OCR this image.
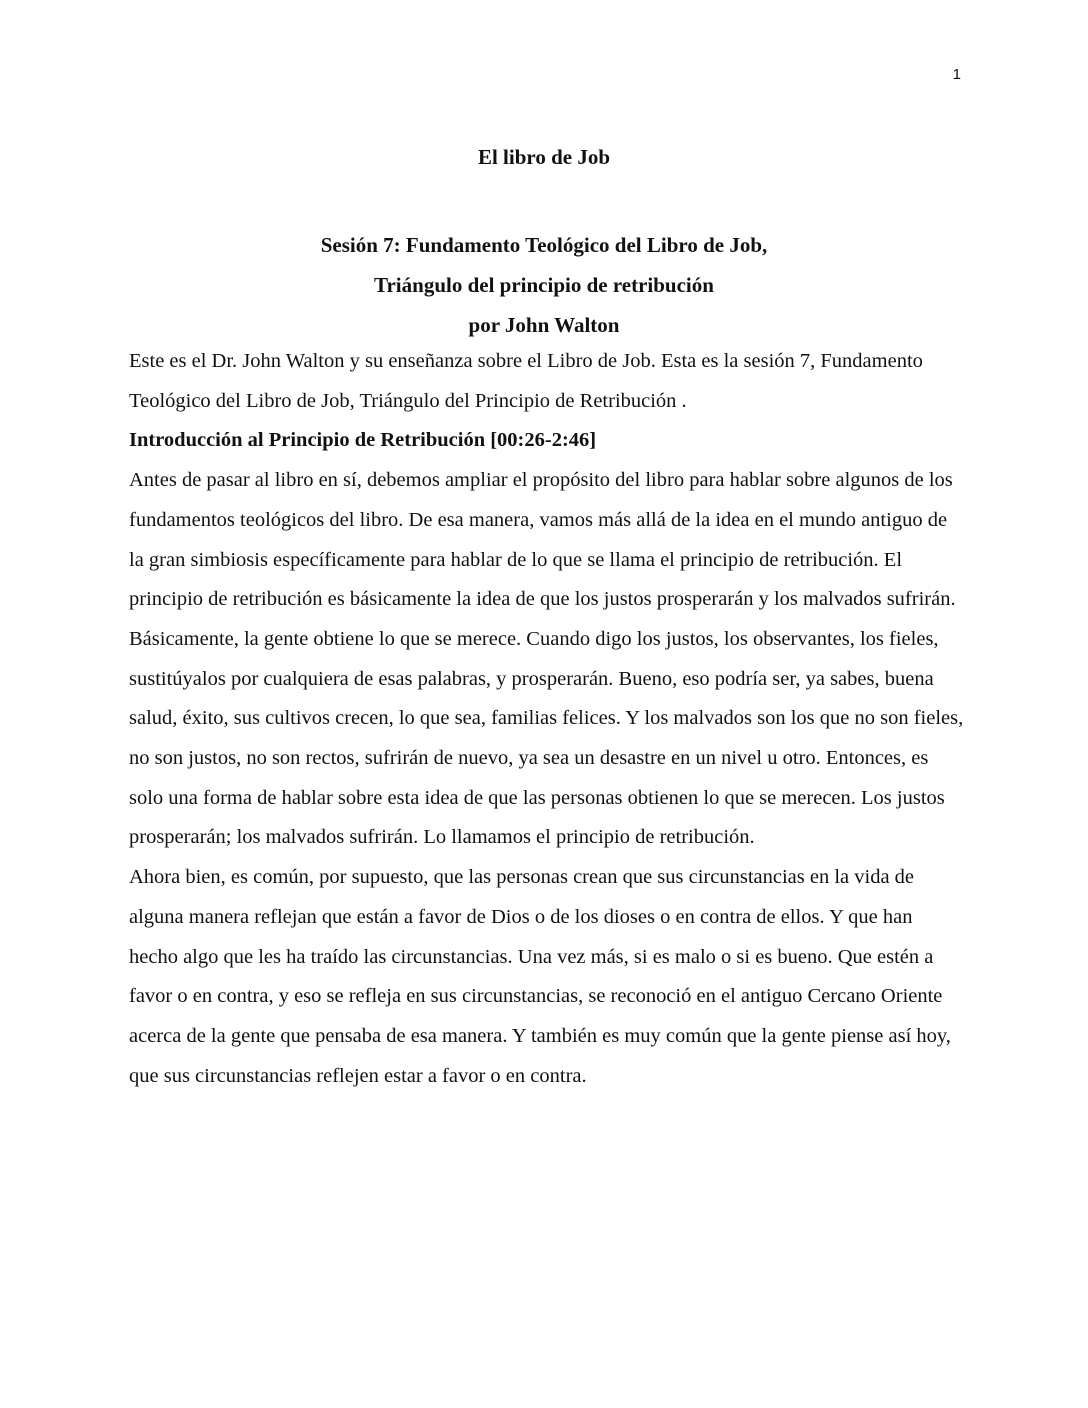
1
El libro de Job
Sesión 7: Fundamento Teológico del Libro de Job,
Triángulo del principio de retribución
por John Walton

Este es el Dr. John Walton y su enseñanza sobre el Libro de Job. Esta es la sesión 7, Fundamento Teológico del Libro de Job, Triángulo del Principio de Retribución .

Introducción al Principio de Retribución [00:26-2:46]

Antes de pasar al libro en sí, debemos ampliar el propósito del libro para hablar sobre algunos de los fundamentos teológicos del libro. De esa manera, vamos más allá de la idea en el mundo antiguo de la gran simbiosis específicamente para hablar de lo que se llama el principio de retribución. El principio de retribución es básicamente la idea de que los justos prosperarán y los malvados sufrirán. Básicamente, la gente obtiene lo que se merece. Cuando digo los justos, los observantes, los fieles, sustitúyalos por cualquiera de esas palabras, y prosperarán. Bueno, eso podría ser, ya sabes, buena salud, éxito, sus cultivos crecen, lo que sea, familias felices. Y los malvados son los que no son fieles, no son justos, no son rectos, sufrirán de nuevo, ya sea un desastre en un nivel u otro. Entonces, es solo una forma de hablar sobre esta idea de que las personas obtienen lo que se merecen. Los justos prosperarán; los malvados sufrirán. Lo llamamos el principio de retribución.

Ahora bien, es común, por supuesto, que las personas crean que sus circunstancias en la vida de alguna manera reflejan que están a favor de Dios o de los dioses o en contra de ellos. Y que han hecho algo que les ha traído las circunstancias. Una vez más, si es malo o si es bueno. Que estén a favor o en contra, y eso se refleja en sus circunstancias, se reconoció en el antiguo Cercano Oriente acerca de la gente que pensaba de esa manera. Y también es muy común que la gente piense así hoy, que sus circunstancias reflejen estar a favor o en contra.
